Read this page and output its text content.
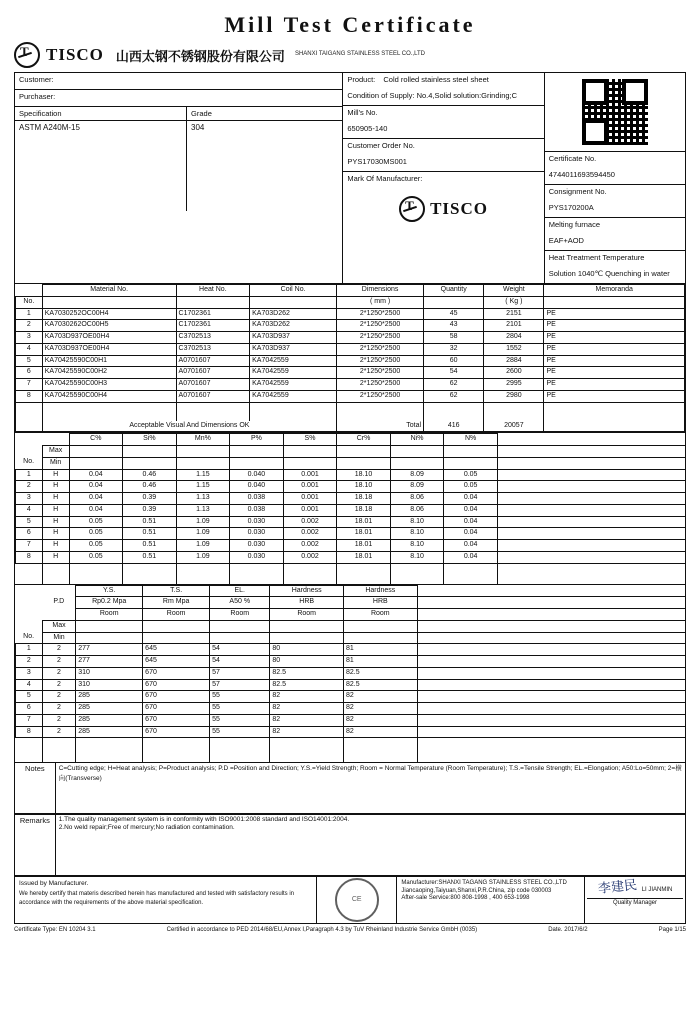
Mill Test Certificate
T
TISCO 山西太钢不锈钢股份有限公司 SHANXI TAIGANG STAINLESS STEEL CO.,LTD
Customer:
Purchaser:
Specification	Grade
ASTM A240M-15	304
Product: Cold rolled stainless steel sheet
Condition of Supply: No.4,Solid solution:Grinding;C
Mill's No.
650905-140
Customer Order No.
PYS17030MS001
Mark Of Manufacturer:
T
TISCO
Certificate No.
4744011693594450
Consignment No.
PYS170200A
Melting furnace
EAF+AOD
Heat Treatment Temperature
Solution 1040℃ Quenching in water
	Material No.	Heat No.	Coil No.	Dimensions	Quantity	Weight	Memoranda
No.				( mm )		( Kg )	
1	KA7030252OC00H4	C1702361	KA703D262	2*1250*2500	45	2151	PE
2	KA7030262OC00H5	C1702361	KA703D262	2*1250*2500	43	2101	PE
3	KA703D937OE00H4	C3702513	KA703D937	2*1250*2500	58	2804	PE
4	KA703D937OE00H4	C3702513	KA703D937	2*1250*2500	32	1552	PE
5	KA70425590C00H1	A0701607	KA7042559	2*1250*2500	60	2884	PE
6	KA70425590C00H2	A0701607	KA7042559	2*1250*2500	54	2600	PE
7	KA70425590C00H3	A0701607	KA7042559	2*1250*2500	62	2995	PE
8	KA70425590C00H4	A0701607	KA7042559	2*1250*2500	62	2980	PE

	Acceptable Visual And Dimensions OK			Total	416	20057	
		C%	Si%	Mn%	P%	S%	Cr%	Ni%	N%	
	Max									
No.	Min									
1	H	0.04	0.46	1.15	0.040	0.001	18.10	8.09	0.05	
2	H	0.04	0.46	1.15	0.040	0.001	18.10	8.09	0.05	
3	H	0.04	0.39	1.13	0.038	0.001	18.18	8.06	0.04	
4	H	0.04	0.39	1.13	0.038	0.001	18.18	8.06	0.04	
5	H	0.05	0.51	1.09	0.030	0.002	18.01	8.10	0.04	
6	H	0.05	0.51	1.09	0.030	0.002	18.01	8.10	0.04	
7	H	0.05	0.51	1.09	0.030	0.002	18.01	8.10	0.04	
8	H	0.05	0.51	1.09	0.030	0.002	18.01	8.10	0.04	

		Y.S.	T.S.	EL.	Hardness	Hardness	
	P.D	Rp0.2 Mpa	Rm Mpa	A50 %	HRB	HRB	
		Room	Room	Room	Room	Room	
	Max						
No.	Min						
1	2	277	645	54	80	81	
2	2	277	645	54	80	81	
3	2	310	670	57	82.5	82.5	
4	2	310	670	57	82.5	82.5	
5	2	285	670	55	82	82	
6	2	285	670	55	82	82	
7	2	285	670	55	82	82	
8	2	285	670	55	82	82	

Notes	C=Cutting edge; H=Heat analysis; P=Product analysis; P.D =Position and Direction; Y.S.=Yield Strength; Room = Normal Temperature (Room Temperature); T.S.=Tensile Strength; EL.=Elongation; A50:Lo=50mm; 2=横向(Transverse)
Remarks	1.The quality management system is in conformity with ISO9001:2008 standard and ISO14001:2004.
2.No weld repair;Free of mercury;No radiation contamination.
Issued by Manufacturer.
We hereby certify that materis described herein has manufactured and tested with satisfactory results in accordance with the requirements of the above material specification.

CE

Manufacturer:SHANXI TAGANG STAINLESS STEEL CO.,LTD
Jiancaoping,Taiyuan,Shanxi,P.R.China, zip code 030003
After-sale Service:800 808-1998 , 400 653-1998
	李建民 LI JIANMIN
Quality Manager
Certificate Type: EN 10204 3.1	Certified in accordance to PED 2014/68/EU,Annex I,Paragraph 4.3 by TuV Rheinland Industrie Service GmbH (0035)	Date. 2017/6/2	Page 1/15
